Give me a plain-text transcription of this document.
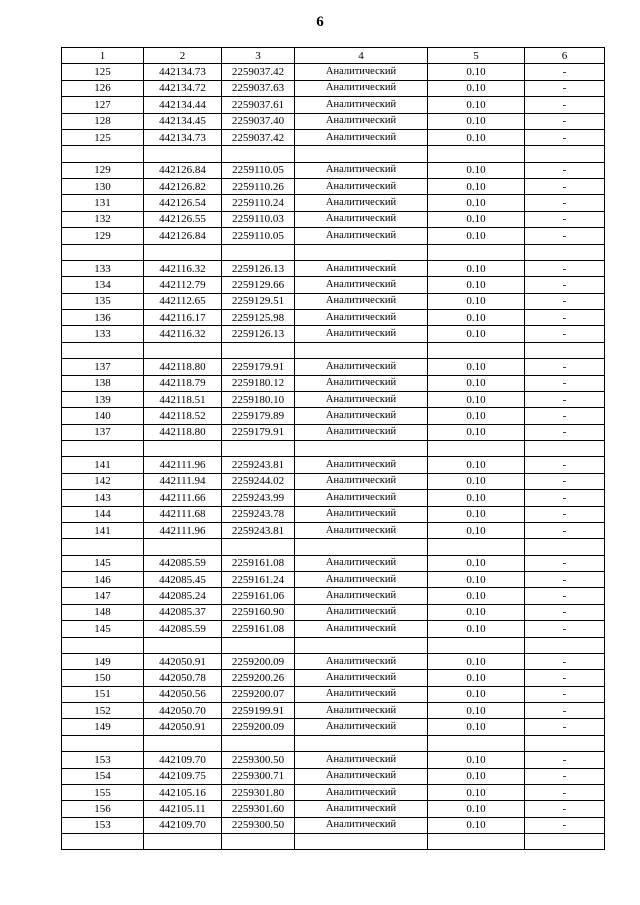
6
1	2	3	4	5	6
125	442134.73	2259037.42	Аналитический	0.10	-
126	442134.72	2259037.63	Аналитический	0.10	-
127	442134.44	2259037.61	Аналитический	0.10	-
128	442134.45	2259037.40	Аналитический	0.10	-
125	442134.73	2259037.42	Аналитический	0.10	-

129	442126.84	2259110.05	Аналитический	0.10	-
130	442126.82	2259110.26	Аналитический	0.10	-
131	442126.54	2259110.24	Аналитический	0.10	-
132	442126.55	2259110.03	Аналитический	0.10	-
129	442126.84	2259110.05	Аналитический	0.10	-

133	442116.32	2259126.13	Аналитический	0.10	-
134	442112.79	2259129.66	Аналитический	0.10	-
135	442112.65	2259129.51	Аналитический	0.10	-
136	442116.17	2259125.98	Аналитический	0.10	-
133	442116.32	2259126.13	Аналитический	0.10	-

137	442118.80	2259179.91	Аналитический	0.10	-
138	442118.79	2259180.12	Аналитический	0.10	-
139	442118.51	2259180.10	Аналитический	0.10	-
140	442118.52	2259179.89	Аналитический	0.10	-
137	442118.80	2259179.91	Аналитический	0.10	-

141	442111.96	2259243.81	Аналитический	0.10	-
142	442111.94	2259244.02	Аналитический	0.10	-
143	442111.66	2259243.99	Аналитический	0.10	-
144	442111.68	2259243.78	Аналитический	0.10	-
141	442111.96	2259243.81	Аналитический	0.10	-

145	442085.59	2259161.08	Аналитический	0.10	-
146	442085.45	2259161.24	Аналитический	0.10	-
147	442085.24	2259161.06	Аналитический	0.10	-
148	442085.37	2259160.90	Аналитический	0.10	-
145	442085.59	2259161.08	Аналитический	0.10	-

149	442050.91	2259200.09	Аналитический	0.10	-
150	442050.78	2259200.26	Аналитический	0.10	-
151	442050.56	2259200.07	Аналитический	0.10	-
152	442050.70	2259199.91	Аналитический	0.10	-
149	442050.91	2259200.09	Аналитический	0.10	-

153	442109.70	2259300.50	Аналитический	0.10	-
154	442109.75	2259300.71	Аналитический	0.10	-
155	442105.16	2259301.80	Аналитический	0.10	-
156	442105.11	2259301.60	Аналитический	0.10	-
153	442109.70	2259300.50	Аналитический	0.10	-
